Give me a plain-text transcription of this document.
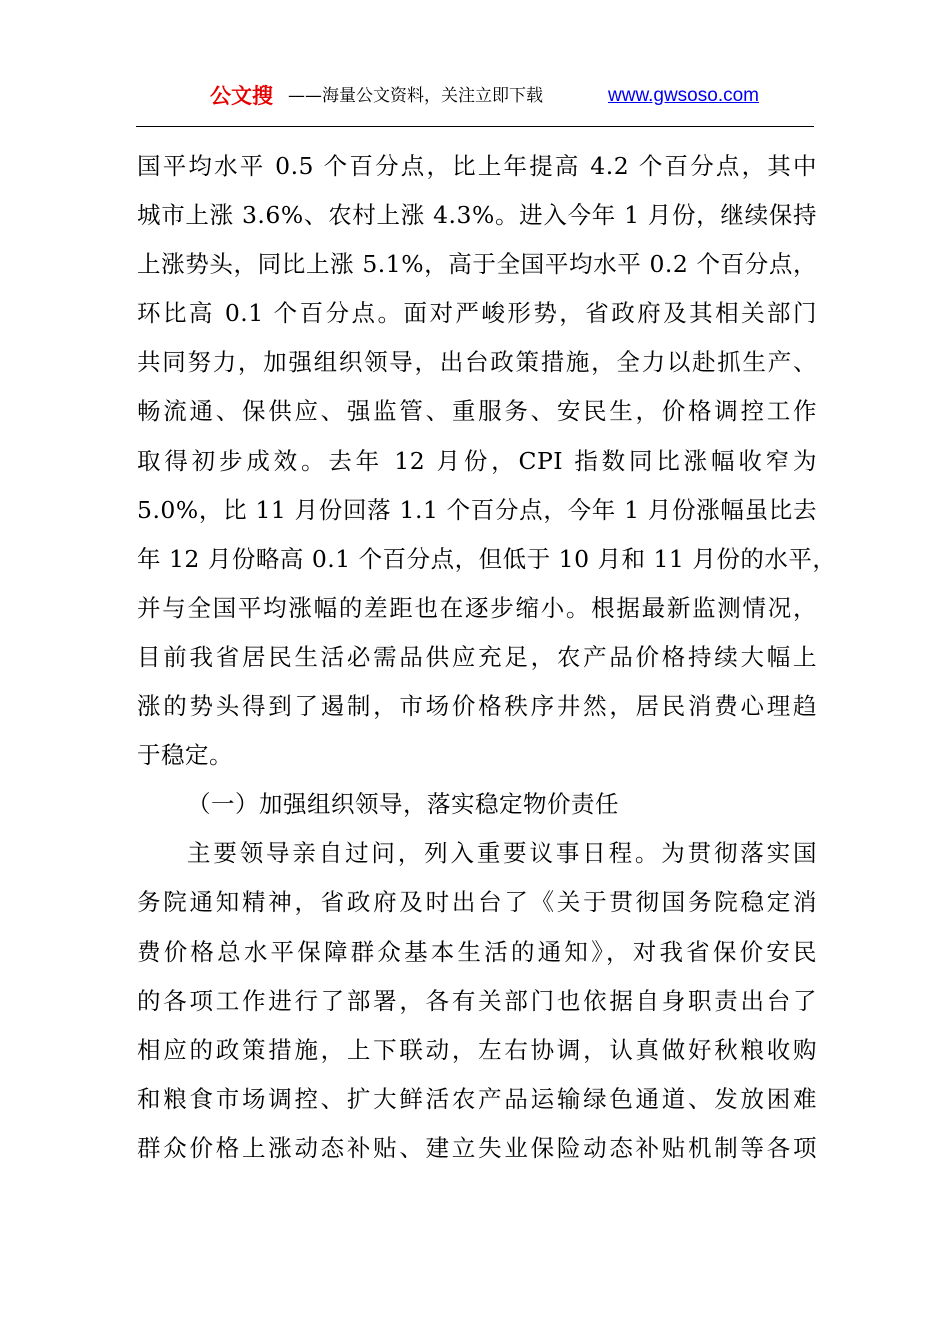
公文搜 ——海量公文资料，关注立即下载	www.gwsoso.com
国平均水平 0.5 个百分点，比上年提高 4.2 个百分点，其中
城市上涨 3.6%、农村上涨 4.3%。进入今年 1 月份，继续保持
上涨势头，同比上涨 5.1%，高于全国平均水平 0.2 个百分点，
环比高 0.1 个百分点。面对严峻形势，省政府及其相关部门
共同努力，加强组织领导，出台政策措施，全力以赴抓生产、
畅流通、保供应、强监管、重服务、安民生，价格调控工作
取得初步成效。去年 12 月份，CPI 指数同比涨幅收窄为
5.0%，比 11 月份回落 1.1 个百分点，今年 1 月份涨幅虽比去
年 12 月份略高 0.1 个百分点，但低于 10 月和 11 月份的水平，
并与全国平均涨幅的差距也在逐步缩小。根据最新监测情况，
目前我省居民生活必需品供应充足，农产品价格持续大幅上
涨的势头得到了遏制，市场价格秩序井然，居民消费心理趋
于稳定。
（一）加强组织领导，落实稳定物价责任
主要领导亲自过问，列入重要议事日程。为贯彻落实国
务院通知精神，省政府及时出台了《关于贯彻国务院稳定消
费价格总水平保障群众基本生活的通知》，对我省保价安民
的各项工作进行了部署，各有关部门也依据自身职责出台了
相应的政策措施，上下联动，左右协调，认真做好秋粮收购
和粮食市场调控、扩大鲜活农产品运输绿色通道、发放困难
群众价格上涨动态补贴、建立失业保险动态补贴机制等各项
